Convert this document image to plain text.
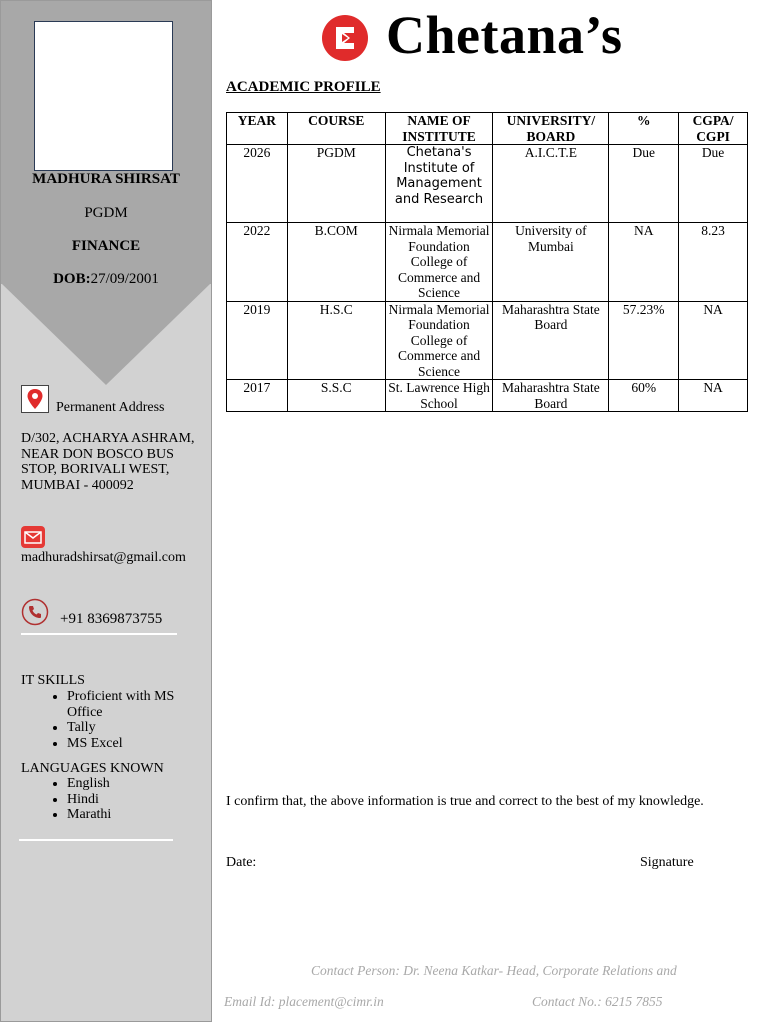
MADHURA SHIRSAT
PGDM
FINANCE
DOB:27/09/2001
Permanent Address
D/302, ACHARYA ASHRAM, NEAR DON BOSCO BUS STOP, BORIVALI WEST, MUMBAI - 400092
madhuradshirsat@gmail.com
+91 8369873755
IT SKILLS
• Proficient with MS Office
• Tally
• MS Excel
LANGUAGES KNOWN
• English
• Hindi
• Marathi
Chetana’s
ACADEMIC PROFILE
YEAR	COURSE	NAME OF INSTITUTE	UNIVERSITY/ BOARD	%	CGPA/ CGPI
2026	PGDM	Chetana's Institute of Management and Research	A.I.C.T.E	Due	Due
2022	B.COM	Nirmala Memorial Foundation College of Commerce and Science	University of Mumbai	NA	8.23
2019	H.S.C	Nirmala Memorial Foundation College of Commerce and Science	Maharashtra State Board	57.23%	NA
2017	S.S.C	St. Lawrence High School	Maharashtra State Board	60%	NA
I confirm that, the above information is true and correct to the best of my knowledge.
Date:	Signature
Contact Person: Dr. Neena Katkar- Head, Corporate Relations and
Email Id: placement@cimr.in	Contact No.: 6215 7855
